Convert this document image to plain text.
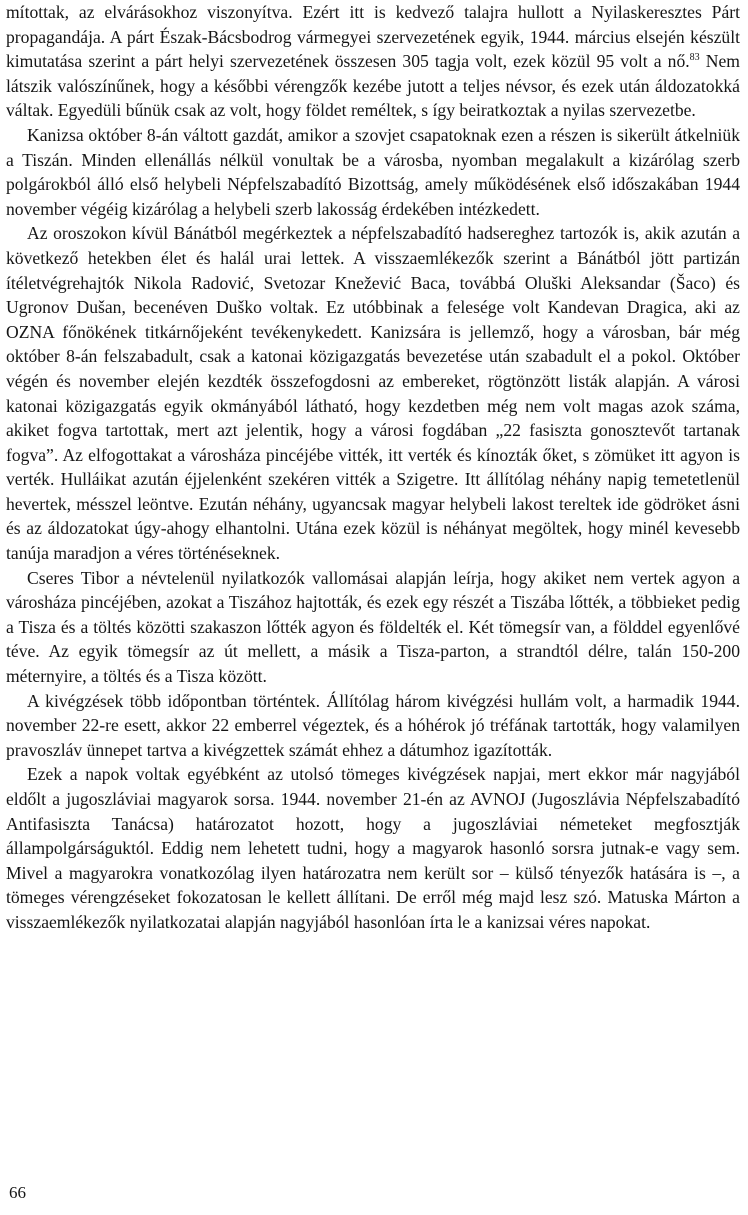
mítottak, az elvárásokhoz viszonyítva. Ezért itt is kedvező talajra hullott a Nyilaskeresztes Párt propagandája. A párt Észak-Bácsbodrog vármegyei szervezetének egyik, 1944. március elsején készült kimutatása szerint a párt helyi szervezetének összesen 305 tagja volt, ezek közül 95 volt a nő.$^{83}$ Nem látszik valószínűnek, hogy a későbbi vérengzők kezébe jutott a teljes névsor, és ezek után áldozatokká váltak. Egyedüli bűnük csak az volt, hogy földet reméltek, s így beiratkoztak a nyilas szervezetbe.

Kanizsa október 8-án váltott gazdát, amikor a szovjet csapatoknak ezen a részen is sikerült átkelniük a Tiszán. Minden ellenállás nélkül vonultak be a városba, nyomban megalakult a kizárólag szerb polgárokból álló első helybeli Népfelszabadító Bizottság, amely működésének első időszakában 1944 november végéig kizárólag a helybeli szerb lakosság érdekében intézkedett.

Az oroszokon kívül Bánátból megérkeztek a népfelszabadító hadsereghez tartozók is, akik azután a következő hetekben élet és halál urai lettek. A visszaemlékezők szerint a Bánátból jött partizán ítéletvégrehajtók Nikola Radović, Svetozar Knežević Baca, továbbá Oluški Aleksandar (Šaco) és Ugronov Dušan, becenéven Duško voltak. Ez utóbbinak a felesége volt Kandevan Dragica, aki az OZNA főnökének titkárnőjeként tevékenykedett. Kanizsára is jellemző, hogy a városban, bár még október 8-án felszabadult, csak a katonai közigazgatás bevezetése után szabadult el a pokol. Október végén és november elején kezdték összefogdosni az embereket, rögtönzött listák alapján. A városi katonai közigazgatás egyik okmányából látható, hogy kezdetben még nem volt magas azok száma, akiket fogva tartottak, mert azt jelentik, hogy a városi fogdában „22 fasiszta gonosztevőt tartanak fogva”. Az elfogottakat a városháza pincéjébe vitték, itt verték és kínozták őket, s zömüket itt agyon is verték. Hulláikat azután éjjelenként szekéren vitték a Szigetre. Itt állítólag néhány napig temetetlenül hevertek, mésszel leöntve. Ezután néhány, ugyancsak magyar helybeli lakost tereltek ide gödröket ásni és az áldozatokat úgy-ahogy elhantolni. Utána ezek közül is néhányat megöltek, hogy minél kevesebb tanúja maradjon a véres történéseknek.

Cseres Tibor a névtelenül nyilatkozók vallomásai alapján leírja, hogy akiket nem vertek agyon a városháza pincéjében, azokat a Tiszához hajtották, és ezek egy részét a Tiszába lőtték, a többieket pedig a Tisza és a töltés közötti szakaszon lőtték agyon és földelték el. Két tömegsír van, a földdel egyenlővé téve. Az egyik tömegsír az út mellett, a másik a Tisza-parton, a strandtól délre, talán 150-200 méternyire, a töltés és a Tisza között.

A kivégzések több időpontban történtek. Állítólag három kivégzési hullám volt, a harmadik 1944. november 22-re esett, akkor 22 emberrel végeztek, és a hóhérok jó tréfának tartották, hogy valamilyen pravoszláv ünnepet tartva a kivégzettek számát ehhez a dátumhoz igazították.

Ezek a napok voltak egyébként az utolsó tömeges kivégzések napjai, mert ekkor már nagyjából eldőlt a jugoszláviai magyarok sorsa. 1944. november 21-én az AVNOJ (Jugoszlávia Népfelszabadító Antifasiszta Tanácsa) határozatot hozott, hogy a jugoszláviai németeket megfosztják állampolgárságuktól. Eddig nem lehetett tudni, hogy a magyarok hasonló sorsra jutnak-e vagy sem. Mivel a magyarokra vonatkozólag ilyen határozatra nem került sor – külső tényezők hatására is –, a tömeges vérengzéseket fokozatosan le kellett állítani. De erről még majd lesz szó. Matuska Márton a visszaemlékezők nyilatkozatai alapján nagyjából hasonlóan írta le a kanizsai véres napokat.

66
